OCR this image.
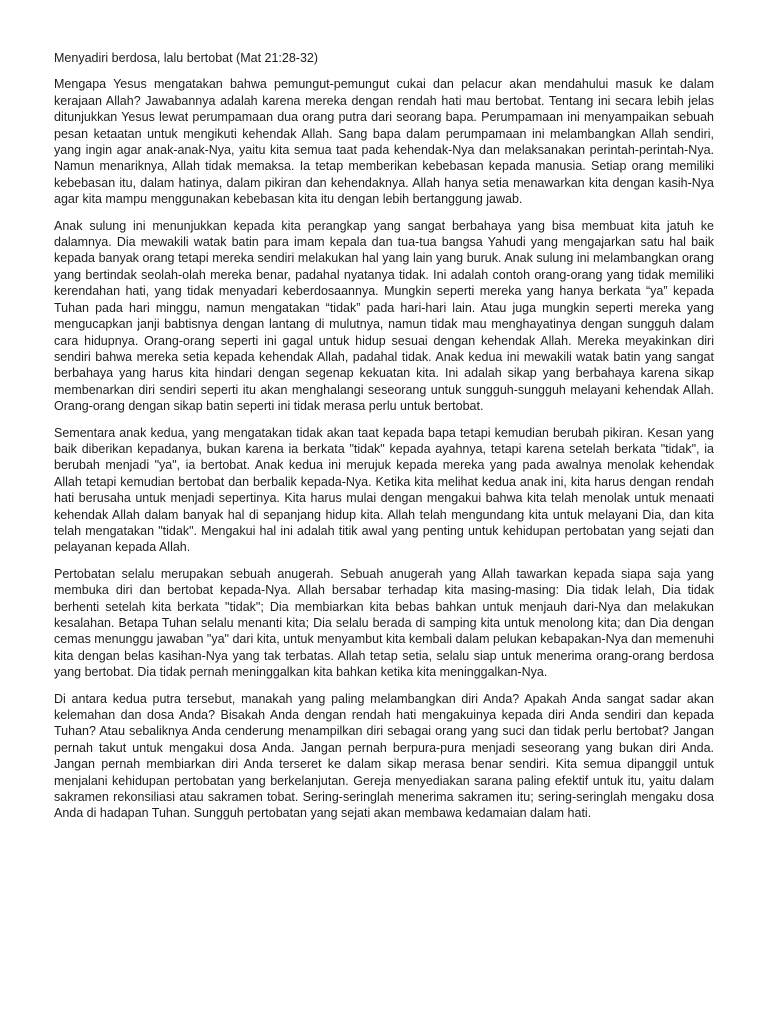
Menyadiri berdosa, lalu bertobat (Mat 21:28-32)

Mengapa Yesus mengatakan bahwa pemungut-pemungut cukai dan pelacur akan mendahului masuk ke dalam kerajaan Allah? Jawabannya adalah karena mereka dengan rendah hati mau bertobat. Tentang ini secara lebih jelas ditunjukkan Yesus lewat perumpamaan dua orang putra dari seorang bapa. Perumpamaan ini menyampaikan sebuah pesan ketaatan untuk mengikuti kehendak Allah. Sang bapa dalam perumpamaan ini melambangkan Allah sendiri, yang ingin agar anak-anak-Nya, yaitu kita semua taat pada kehendak-Nya dan melaksanakan perintah-perintah-Nya. Namun menariknya, Allah tidak memaksa. Ia tetap memberikan kebebasan kepada manusia. Setiap orang memiliki kebebasan itu, dalam hatinya, dalam pikiran dan kehendaknya. Allah hanya setia menawarkan kita dengan kasih-Nya agar kita mampu menggunakan kebebasan kita itu dengan lebih bertanggung jawab.

Anak sulung ini menunjukkan kepada kita perangkap yang sangat berbahaya yang bisa membuat kita jatuh ke dalamnya. Dia mewakili watak batin para imam kepala dan tua-tua bangsa Yahudi yang mengajarkan satu hal baik kepada banyak orang tetapi mereka sendiri melakukan hal yang lain yang buruk. Anak sulung ini melambangkan orang yang bertindak seolah-olah mereka benar, padahal nyatanya tidak. Ini adalah contoh orang-orang yang tidak memiliki kerendahan hati, yang tidak menyadari keberdosaannya. Mungkin seperti mereka yang hanya berkata “ya” kepada Tuhan pada hari minggu, namun mengatakan “tidak” pada hari-hari lain. Atau juga mungkin seperti mereka yang mengucapkan janji babtisnya dengan lantang di mulutnya, namun tidak mau menghayatinya dengan sungguh dalam cara hidupnya. Orang-orang seperti ini gagal untuk hidup sesuai dengan kehendak Allah. Mereka meyakinkan diri sendiri bahwa mereka setia kepada kehendak Allah, padahal tidak. Anak kedua ini mewakili watak batin yang sangat berbahaya yang harus kita hindari dengan segenap kekuatan kita. Ini adalah sikap yang berbahaya karena sikap membenarkan diri sendiri seperti itu akan menghalangi seseorang untuk sungguh-sungguh melayani kehendak Allah. Orang-orang dengan sikap batin seperti ini tidak merasa perlu untuk bertobat.

Sementara anak kedua, yang mengatakan tidak akan taat kepada bapa tetapi kemudian berubah pikiran. Kesan yang baik diberikan kepadanya, bukan karena ia berkata "tidak" kepada ayahnya, tetapi karena setelah berkata "tidak", ia berubah menjadi "ya", ia bertobat. Anak kedua ini merujuk kepada mereka yang pada awalnya menolak kehendak Allah tetapi kemudian bertobat dan berbalik kepada-Nya. Ketika kita melihat kedua anak ini, kita harus dengan rendah hati berusaha untuk menjadi sepertinya. Kita harus mulai dengan mengakui bahwa kita telah menolak untuk menaati kehendak Allah dalam banyak hal di sepanjang hidup kita. Allah telah mengundang kita untuk melayani Dia, dan kita telah mengatakan "tidak". Mengakui hal ini adalah titik awal yang penting untuk kehidupan pertobatan yang sejati dan pelayanan kepada Allah.

Pertobatan selalu merupakan sebuah anugerah. Sebuah anugerah yang Allah tawarkan kepada siapa saja yang membuka diri dan bertobat kepada-Nya. Allah bersabar terhadap kita masing-masing: Dia tidak lelah, Dia tidak berhenti setelah kita berkata "tidak"; Dia membiarkan kita bebas bahkan untuk menjauh dari-Nya dan melakukan kesalahan. Betapa Tuhan selalu menanti kita; Dia selalu berada di samping kita untuk menolong kita; dan Dia dengan cemas menunggu jawaban "ya" dari kita, untuk menyambut kita kembali dalam pelukan kebapakan-Nya dan memenuhi kita dengan belas kasihan-Nya yang tak terbatas. Allah tetap setia, selalu siap untuk menerima orang-orang berdosa yang bertobat. Dia tidak pernah meninggalkan kita bahkan ketika kita meninggalkan-Nya.

Di antara kedua putra tersebut, manakah yang paling melambangkan diri Anda? Apakah Anda sangat sadar akan kelemahan dan dosa Anda? Bisakah Anda dengan rendah hati mengakuinya kepada diri Anda sendiri dan kepada Tuhan? Atau sebaliknya Anda cenderung menampilkan diri sebagai orang yang suci dan tidak perlu bertobat? Jangan pernah takut untuk mengakui dosa Anda. Jangan pernah berpura-pura menjadi seseorang yang bukan diri Anda. Jangan pernah membiarkan diri Anda terseret ke dalam sikap merasa benar sendiri. Kita semua dipanggil untuk menjalani kehidupan pertobatan yang berkelanjutan. Gereja menyediakan sarana paling efektif untuk itu, yaitu dalam sakramen rekonsiliasi atau sakramen tobat. Sering-seringlah menerima sakramen itu; sering-seringlah mengaku dosa Anda di hadapan Tuhan. Sungguh pertobatan yang sejati akan membawa kedamaian dalam hati.
